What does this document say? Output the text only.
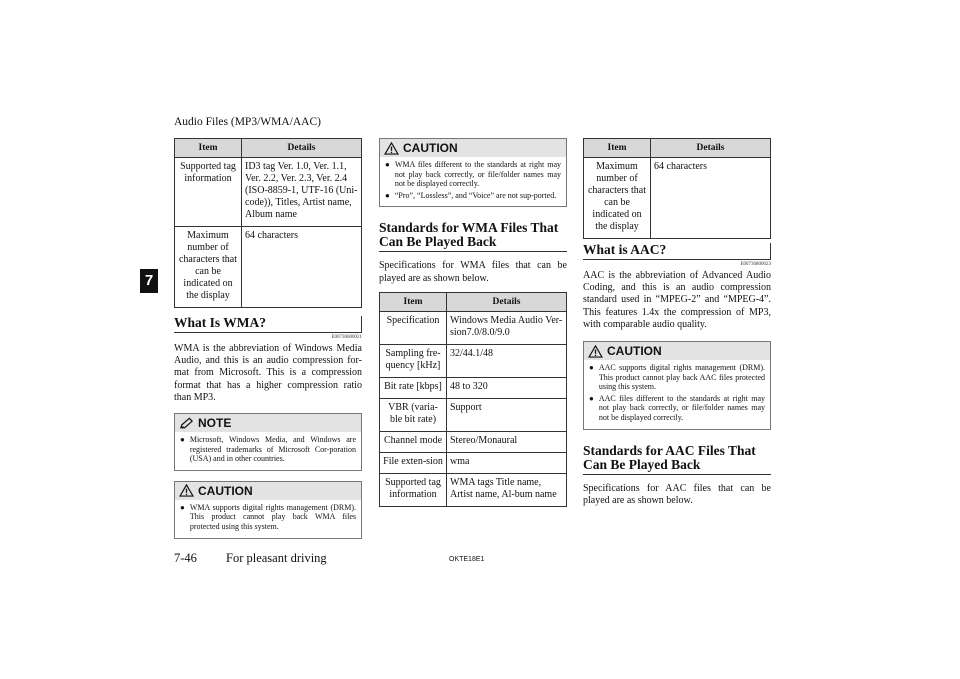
Audio Files (MP3/WMA/AAC)
7
Item	Details
Supported tag information	ID3 tag Ver. 1.0, Ver. 1.1, Ver. 2.2, Ver. 2.3, Ver. 2.4 (ISO-8859-1, UTF-16 (Uni-code)), Titles, Artist name, Album name
Maximum number of characters that can be indicated on the display	64 characters
What Is WMA?
E00736600021

WMA is the abbreviation of Windows Media Audio, and this is an audio compression for-mat from Microsoft. This is a compression format that has a higher compression ratio than MP3.

NOTE
● Microsoft, Windows Media, and Windows are registered trademarks of Microsoft Cor-poration (USA) and in other countries.
CAUTION
● WMA supports digital rights management (DRM). This product cannot play back WMA files protected using this system.
CAUTION
● WMA files different to the standards at right may not play back correctly, or file/folder names may not be displayed correctly.
● “Pro”, “Lossless”, and “Voice” are not sup-ported.
Standards for WMA Files That Can Be Played Back

Specifications for WMA files that can be played are as shown below.

Item	Details
Specification	Windows Media Audio Ver-sion7.0/8.0/9.0
Sampling fre-quency [kHz]	32/44.1/48
Bit rate [kbps]	48 to 320
VBR (varia-ble bit rate)	Support
Channel mode	Stereo/Monaural
File exten-sion	wma
Supported tag information	WMA tags Title name, Artist name, Al-bum name
Item	Details
Maximum number of characters that can be indicated on the display	64 characters
What is AAC?
E00736800023

AAC is the abbreviation of Advanced Audio Coding, and this is an audio compression standard used in “MPEG-2” and “MPEG-4”. This features 1.4x the compression of MP3, with comparable audio quality.

CAUTION
● AAC supports digital rights management (DRM). This product cannot play back AAC files protected using this system.
● AAC files different to the standards at right may not play back correctly, or file/folder names may not be displayed correctly.
Standards for AAC Files That Can Be Played Back

Specifications for AAC files that can be played are as shown below.

7-46 For pleasant driving	OKTE18E1
